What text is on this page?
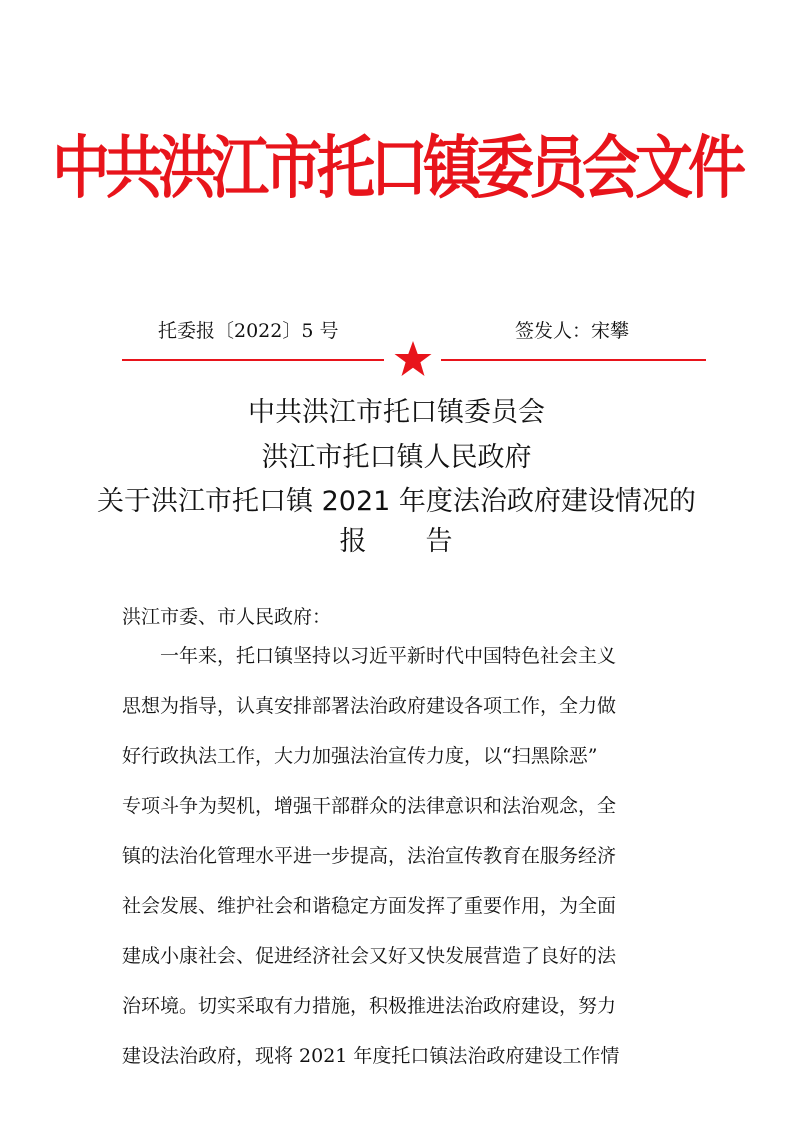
中共洪江市托口镇委员会文件
托委报〔2022〕5 号	签发人：宋攀
中共洪江市托口镇委员会
洪江市托口镇人民政府
关于洪江市托口镇 2021 年度法治政府建设情况的
报 告
洪江市委、市人民政府：
　　一年来，托口镇坚持以习近平新时代中国特色社会主义
思想为指导，认真安排部署法治政府建设各项工作，全力做
好行政执法工作，大力加强法治宣传力度，以“扫黑除恶”
专项斗争为契机，增强干部群众的法律意识和法治观念，全
镇的法治化管理水平进一步提高，法治宣传教育在服务经济
社会发展、维护社会和谐稳定方面发挥了重要作用，为全面
建成小康社会、促进经济社会又好又快发展营造了良好的法
治环境。切实采取有力措施，积极推进法治政府建设，努力
建设法治政府，现将 2021 年度托口镇法治政府建设工作情
